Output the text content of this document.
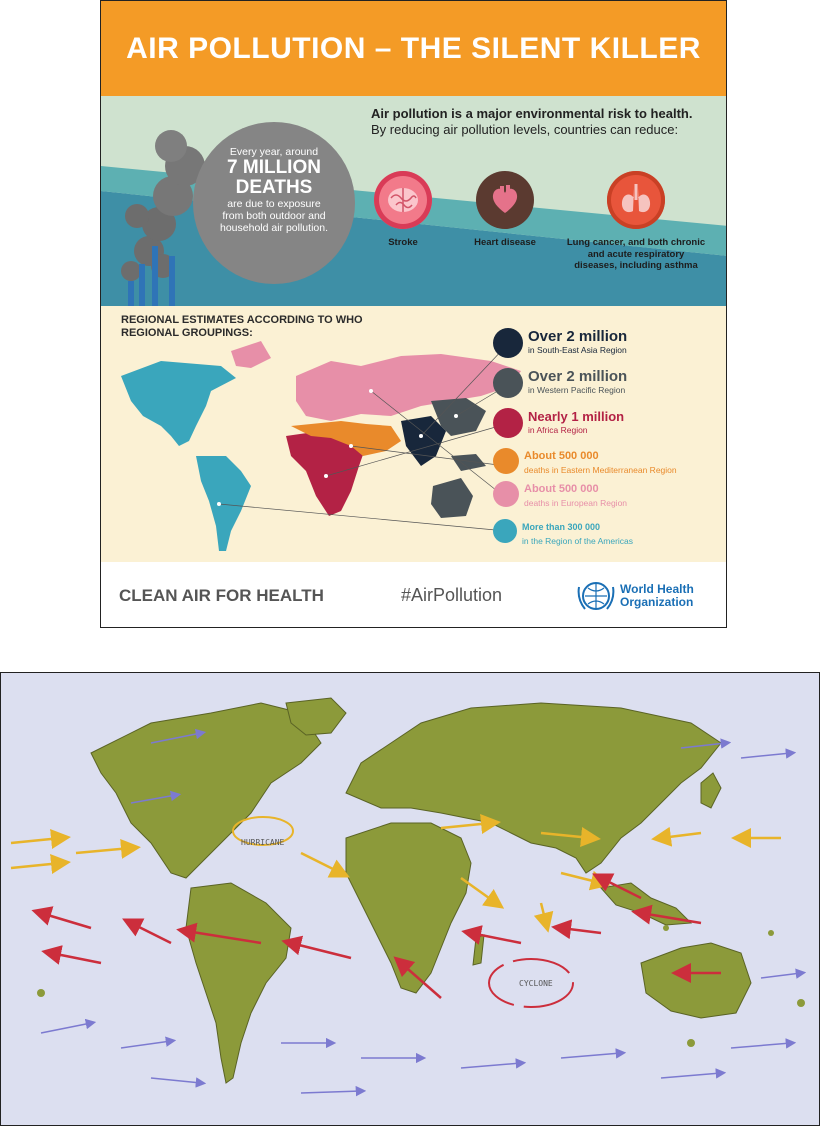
AIR POLLUTION – THE SILENT KILLER
Every year, around
7 MILLION DEATHS
are due to exposure from both outdoor and household air pollution.
Air pollution is a major environmental risk to health. By reducing air pollution levels, countries can reduce:
Stroke	Heart disease	Lung cancer, and both chronic and acute respiratory diseases, including asthma
REGIONAL ESTIMATES ACCORDING TO WHO REGIONAL GROUPINGS:	Over 2 million
in South-East Asia Region
Over 2 million
in Western Pacific Region
Nearly 1 million
in Africa Region
About 500 000
deaths in Eastern Mediterranean Region
About 500 000
deaths in European Region
More than 300 000
in the Region of the Americas
CLEAN AIR FOR HEALTH	#AirPollution	World Health
Organization
HURRICANE
CYCLONE
